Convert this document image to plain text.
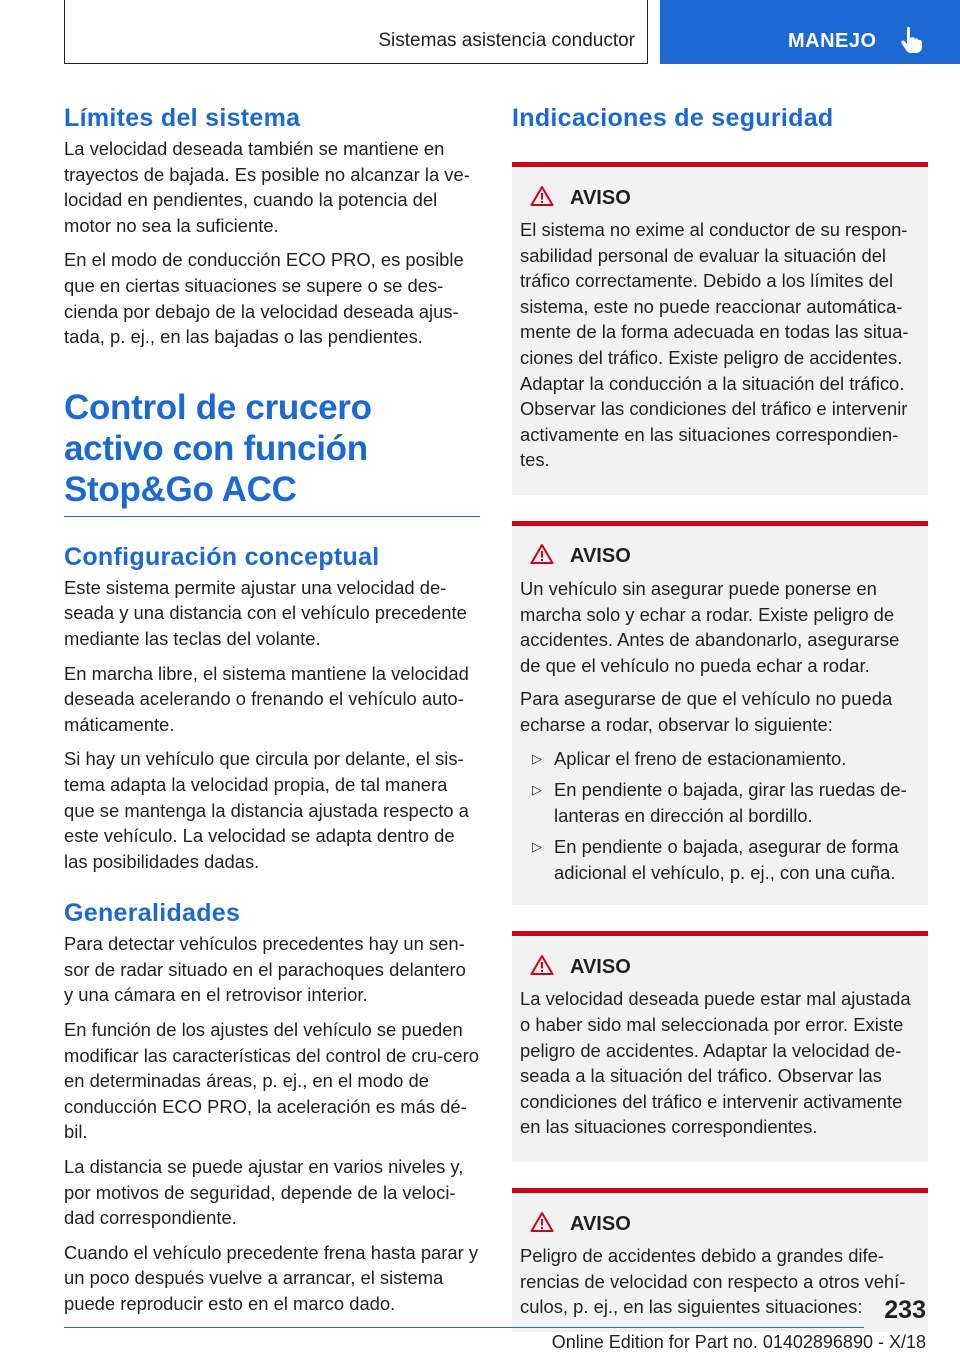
Sistemas asistencia conductor	MANEJO
Límites del sistema

La velocidad deseada también se mantiene en trayectos de bajada. Es posible no alcanzar la ve-locidad en pendientes, cuando la potencia del motor no sea la suficiente.

En el modo de conducción ECO PRO, es posible que en ciertas situaciones se supere o se des-cienda por debajo de la velocidad deseada ajus-tada, p. ej., en las bajadas o las pendientes.

Control de crucero activo con función Stop&Go ACC
Configuración conceptual

Este sistema permite ajustar una velocidad de-seada y una distancia con el vehículo precedente mediante las teclas del volante.

En marcha libre, el sistema mantiene la velocidad deseada acelerando o frenando el vehículo auto-máticamente.

Si hay un vehículo que circula por delante, el sis-tema adapta la velocidad propia, de tal manera que se mantenga la distancia ajustada respecto a este vehículo. La velocidad se adapta dentro de las posibilidades dadas.

Generalidades

Para detectar vehículos precedentes hay un sen-sor de radar situado en el parachoques delantero y una cámara en el retrovisor interior.

En función de los ajustes del vehículo se pueden modificar las características del control de cru-cero en determinadas áreas, p. ej., en el modo de conducción ECO PRO, la aceleración es más dé-bil.

La distancia se puede ajustar en varios niveles y, por motivos de seguridad, depende de la veloci-dad correspondiente.

Cuando el vehículo precedente frena hasta parar y un poco después vuelve a arrancar, el sistema puede reproducir esto en el marco dado.

Indicaciones de seguridad
AVISO

El sistema no exime al conductor de su respon-sabilidad personal de evaluar la situación del tráfico correctamente. Debido a los límites del sistema, este no puede reaccionar automática-mente de la forma adecuada en todas las situa-ciones del tráfico. Existe peligro de accidentes. Adaptar la conducción a la situación del tráfico. Observar las condiciones del tráfico e intervenir activamente en las situaciones correspondien-tes.

AVISO

Un vehículo sin asegurar puede ponerse en marcha solo y echar a rodar. Existe peligro de accidentes. Antes de abandonarlo, asegurarse de que el vehículo no pueda echar a rodar.

Para asegurarse de que el vehículo no pueda echarse a rodar, observar lo siguiente:

▷ Aplicar el freno de estacionamiento.
▷ En pendiente o bajada, girar las ruedas de-lanteras en dirección al bordillo.
▷ En pendiente o bajada, asegurar de forma adicional el vehículo, p. ej., con una cuña.
AVISO

La velocidad deseada puede estar mal ajustada o haber sido mal seleccionada por error. Existe peligro de accidentes. Adaptar la velocidad de-seada a la situación del tráfico. Observar las condiciones del tráfico e intervenir activamente en las situaciones correspondientes.

AVISO

Peligro de accidentes debido a grandes dife-rencias de velocidad con respecto a otros vehí-culos, p. ej., en las siguientes situaciones: 233
Online Edition for Part no. 01402896890 - X/18
